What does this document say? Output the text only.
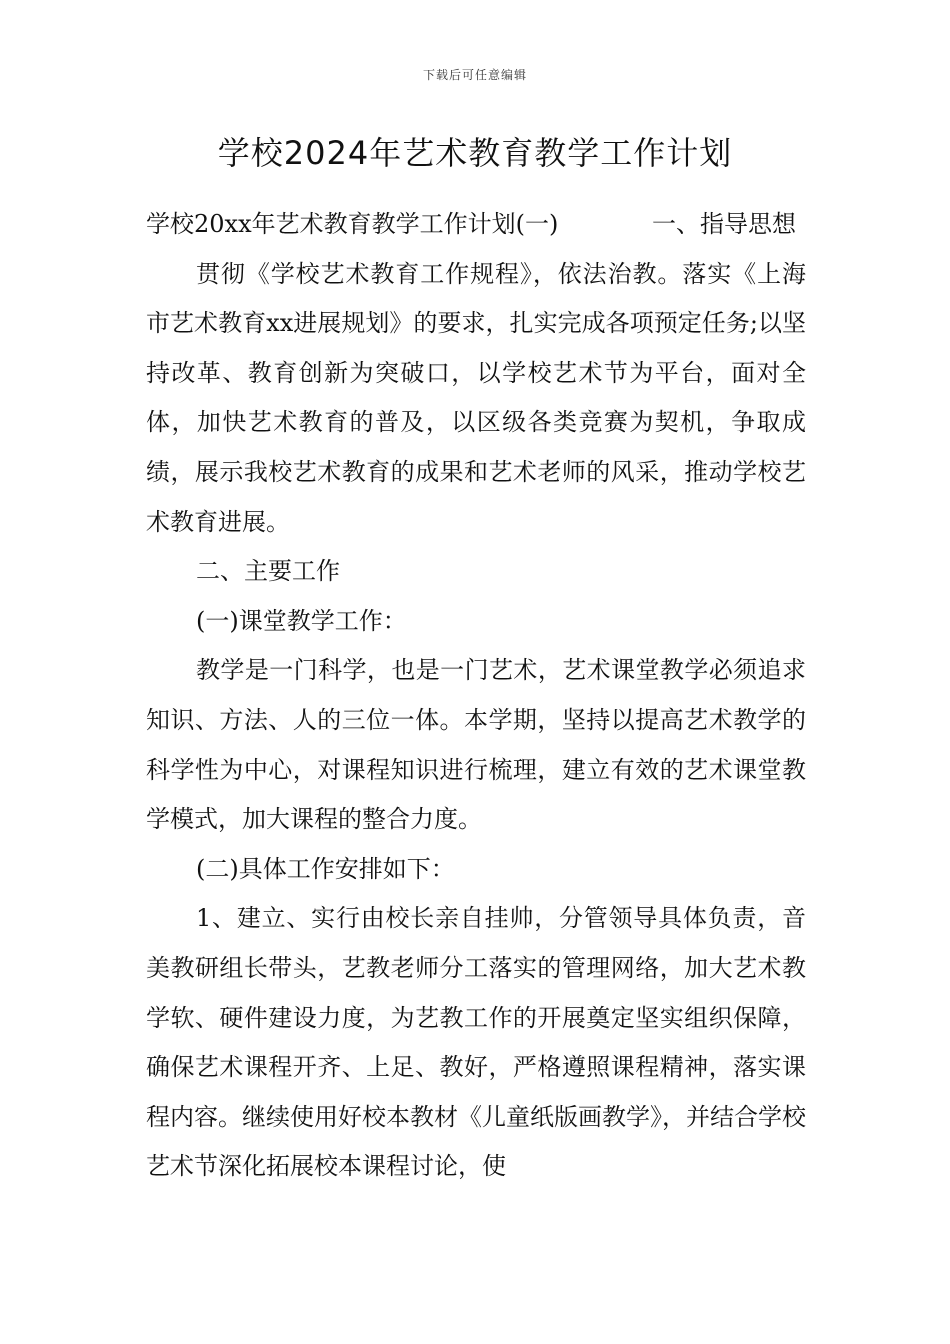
下载后可任意编辑
学校2024年艺术教育教学工作计划

学校20xx年艺术教育教学工作计划(一)	一、指导思想

贯彻《学校艺术教育工作规程》，依法治教。落实《上海市艺术教育xx进展规划》的要求，扎实完成各项预定任务;以坚持改革、教育创新为突破口，以学校艺术节为平台，面对全体，加快艺术教育的普及，以区级各类竞赛为契机，争取成绩，展示我校艺术教育的成果和艺术老师的风采，推动学校艺术教育进展。

二、主要工作

(一)课堂教学工作：

教学是一门科学，也是一门艺术，艺术课堂教学必须追求知识、方法、人的三位一体。本学期，坚持以提高艺术教学的科学性为中心，对课程知识进行梳理，建立有效的艺术课堂教学模式，加大课程的整合力度。

(二)具体工作安排如下：

1、建立、实行由校长亲自挂帅，分管领导具体负责，音美教研组长带头，艺教老师分工落实的管理网络，加大艺术教学软、硬件建设力度，为艺教工作的开展奠定坚实组织保障，确保艺术课程开齐、上足、教好，严格遵照课程精神，落实课程内容。继续使用好校本教材《儿童纸版画教学》，并结合学校艺术节深化拓展校本课程讨论，使
